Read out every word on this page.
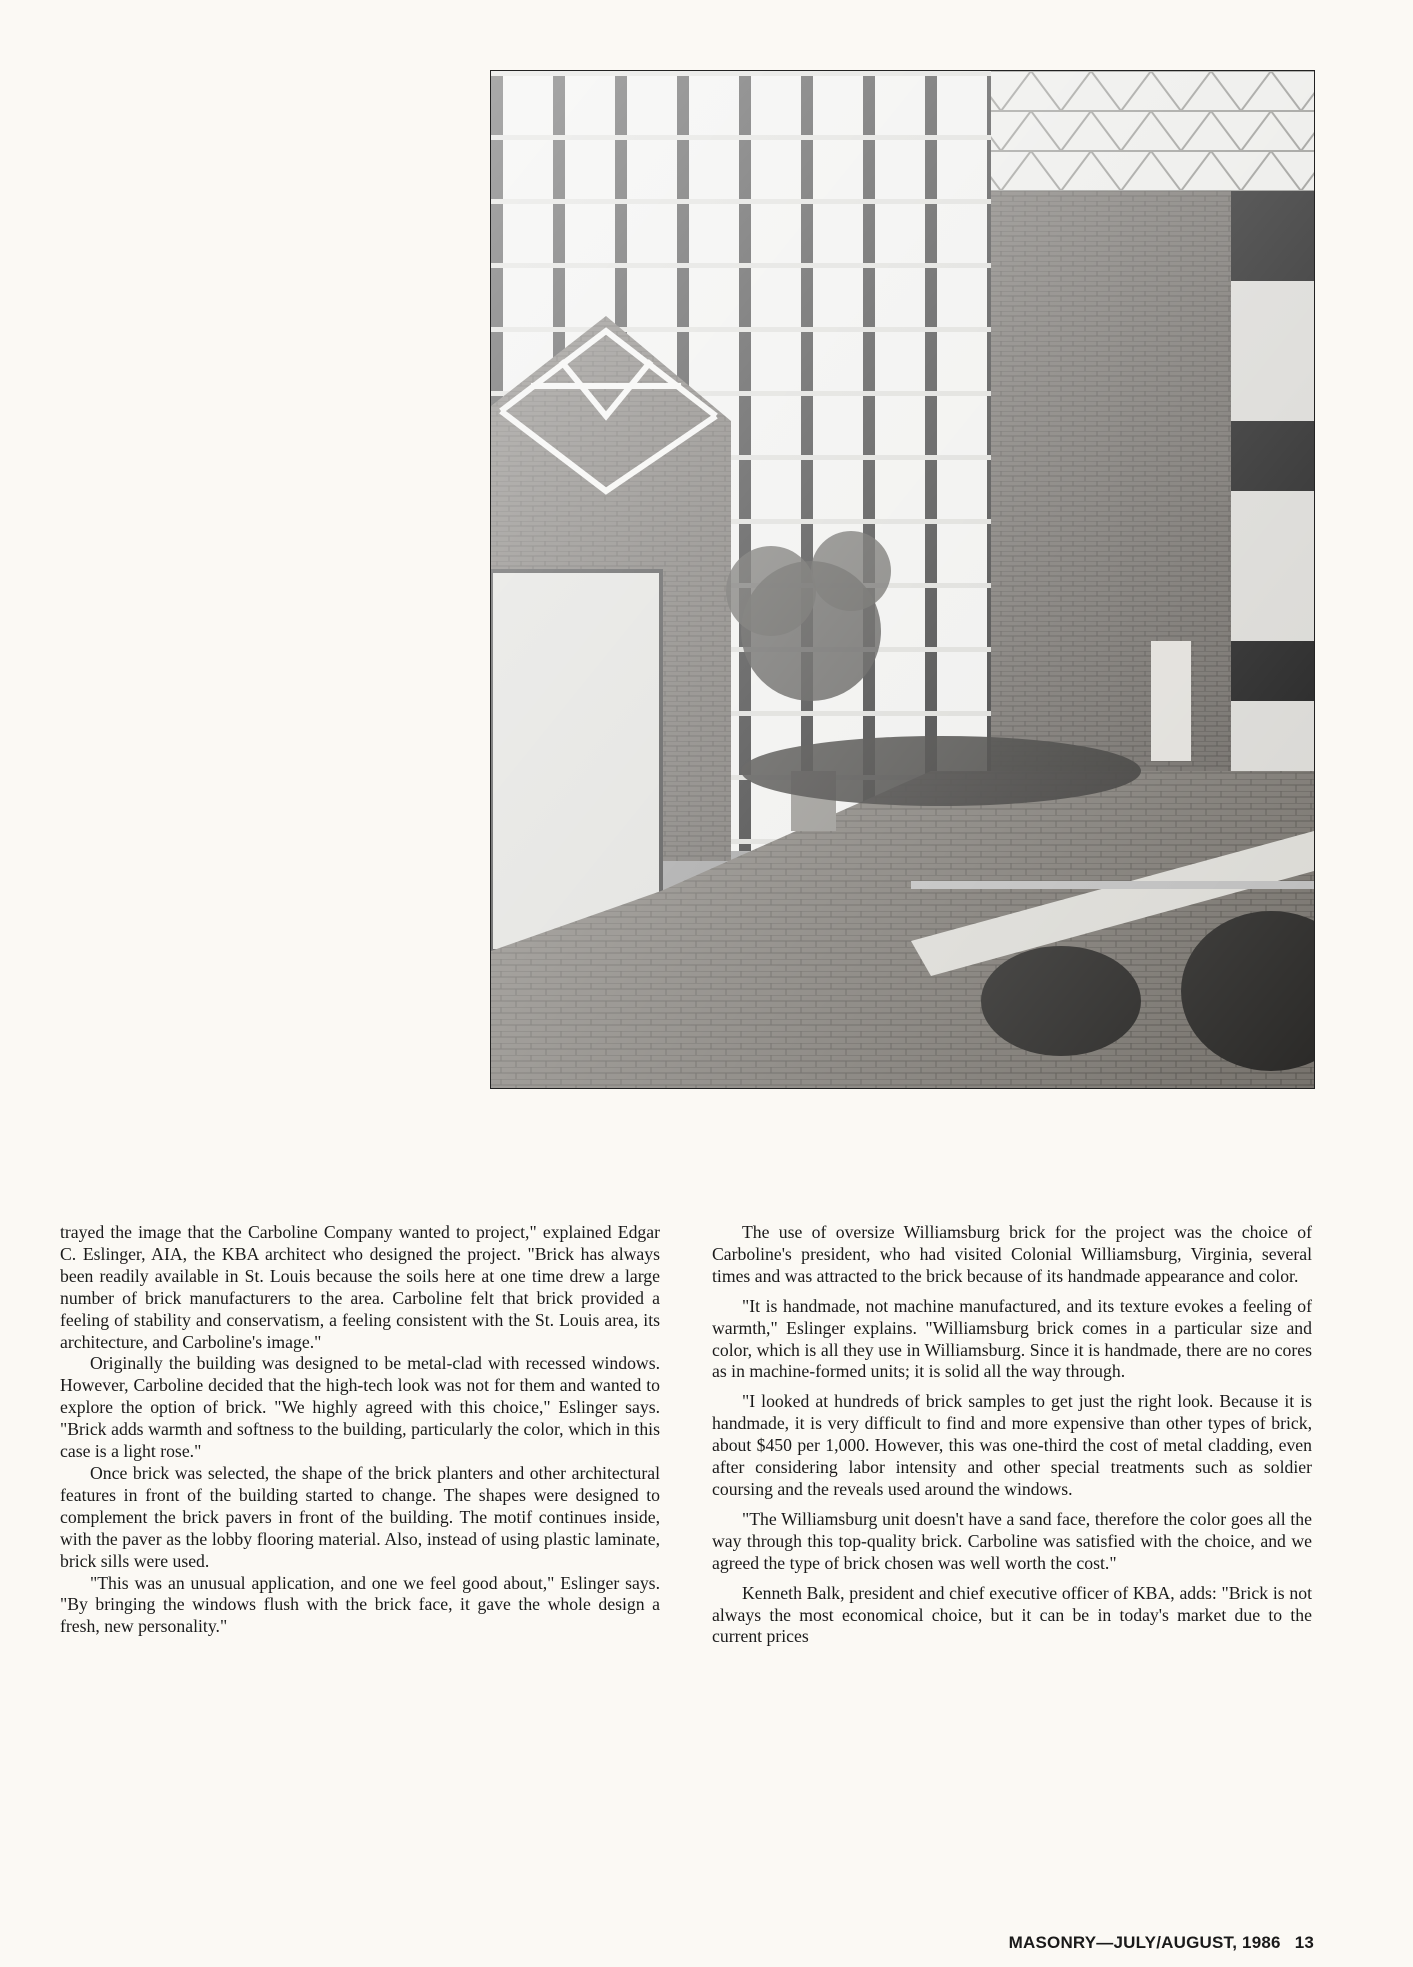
trayed the image that the Carboline Company wanted to project," explained Edgar C. Eslinger, AIA, the KBA architect who designed the project. "Brick has always been readily available in St. Louis because the soils here at one time drew a large number of brick manufacturers to the area. Carboline felt that brick provided a feeling of stability and conservatism, a feeling consistent with the St. Louis area, its architecture, and Carboline's image."

Originally the building was designed to be metal-clad with recessed windows. However, Carboline decided that the high-tech look was not for them and wanted to explore the option of brick. "We highly agreed with this choice," Eslinger says. "Brick adds warmth and softness to the building, particularly the color, which in this case is a light rose."

Once brick was selected, the shape of the brick planters and other architectural features in front of the building started to change. The shapes were designed to complement the brick pavers in front of the building. The motif continues inside, with the paver as the lobby flooring material. Also, instead of using plastic laminate, brick sills were used.

"This was an unusual application, and one we feel good about," Eslinger says. "By bringing the windows flush with the brick face, it gave the whole design a fresh, new personality."

The use of oversize Williamsburg brick for the project was the choice of Carboline's president, who had visited Colonial Williamsburg, Virginia, several times and was attracted to the brick because of its handmade appearance and color.

"It is handmade, not machine manufactured, and its texture evokes a feeling of warmth," Eslinger explains. "Williamsburg brick comes in a particular size and color, which is all they use in Williamsburg. Since it is handmade, there are no cores as in machine-formed units; it is solid all the way through.

"I looked at hundreds of brick samples to get just the right look. Because it is handmade, it is very difficult to find and more expensive than other types of brick, about $450 per 1,000. However, this was one-third the cost of metal cladding, even after considering labor intensity and other special treatments such as soldier coursing and the reveals used around the windows.

"The Williamsburg unit doesn't have a sand face, therefore the color goes all the way through this top-quality brick. Carboline was satisfied with the choice, and we agreed the type of brick chosen was well worth the cost."

Kenneth Balk, president and chief executive officer of KBA, adds: "Brick is not always the most economical choice, but it can be in today's market due to the current prices

MASONRY—JULY/AUGUST, 1986 13
